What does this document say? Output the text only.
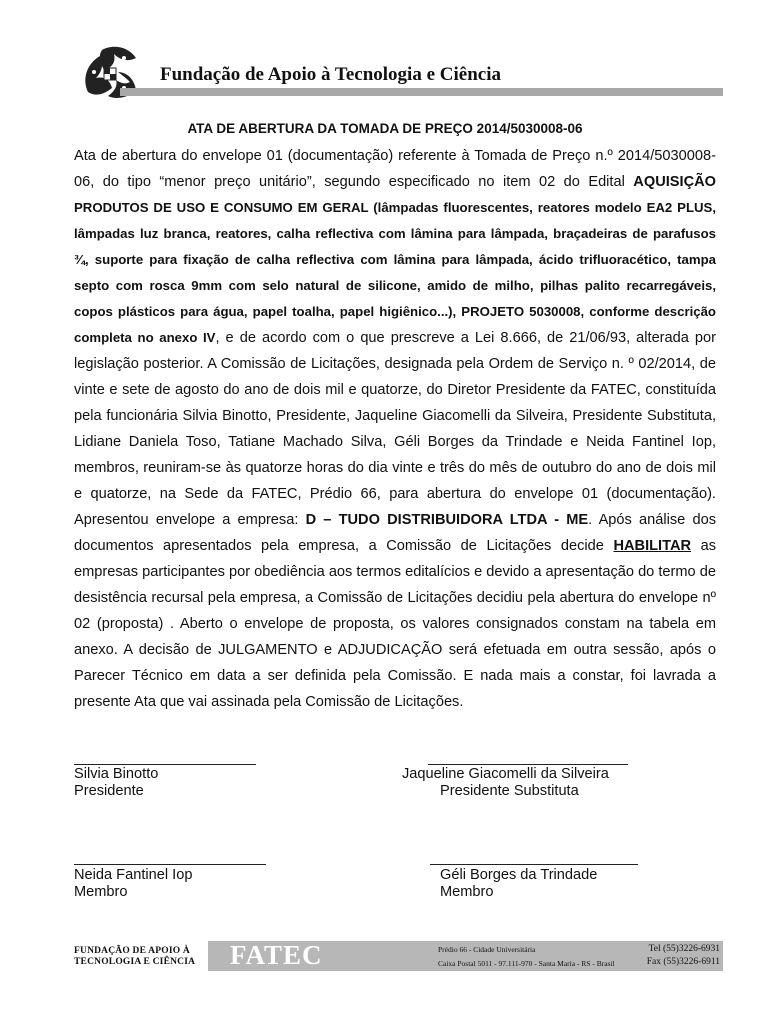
Fundação de Apoio à Tecnologia e Ciência
ATA DE ABERTURA DA TOMADA DE PREÇO 2014/5030008-06
Ata de abertura do envelope 01 (documentação) referente à Tomada de Preço n.º 2014/5030008-06, do tipo “menor preço unitário”, segundo especificado no item 02 do Edital AQUISIÇÃO PRODUTOS DE USO E CONSUMO EM GERAL (lâmpadas fluorescentes, reatores modelo EA2 PLUS, lâmpadas luz branca, reatores, calha reflectiva com lâmina para lâmpada, braçadeiras de parafusos ¾, suporte para fixação de calha reflectiva com lâmina para lâmpada, ácido trifluoracético, tampa septo com rosca 9mm com selo natural de silicone, amido de milho, pilhas palito recarregáveis, copos plásticos para água, papel toalha, papel higiênico...), PROJETO 5030008, conforme descrição completa no anexo IV, e de acordo com o que prescreve a Lei 8.666, de 21/06/93, alterada por legislação posterior. A Comissão de Licitações, designada pela Ordem de Serviço n. º 02/2014, de vinte e sete de agosto do ano de dois mil e quatorze, do Diretor Presidente da FATEC, constituída pela funcionária Silvia Binotto, Presidente, Jaqueline Giacomelli da Silveira, Presidente Substituta, Lidiane Daniela Toso, Tatiane Machado Silva, Géli Borges da Trindade e Neida Fantinel Iop, membros, reuniram-se às quatorze horas do dia vinte e três do mês de outubro do ano de dois mil e quatorze, na Sede da FATEC, Prédio 66, para abertura do envelope 01 (documentação). Apresentou envelope a empresa: D – TUDO DISTRIBUIDORA LTDA - ME. Após análise dos documentos apresentados pela empresa, a Comissão de Licitações decide HABILITAR as empresas participantes por obediência aos termos editalícios e devido a apresentação do termo de desistência recursal pela empresa, a Comissão de Licitações decidiu pela abertura do envelope nº 02 (proposta) . Aberto o envelope de proposta, os valores consignados constam na tabela em anexo. A decisão de JULGAMENTO e ADJUDICAÇÃO será efetuada em outra sessão, após o Parecer Técnico em data a ser definida pela Comissão. E nada mais a constar, foi lavrada a presente Ata que vai assinada pela Comissão de Licitações.
Silvia Binotto
Presidente
Jaqueline Giacomelli da Silveira
Presidente Substituta
Neida Fantinel Iop
Membro
Géli Borges da Trindade
Membro
FUNDAÇÃO DE APOIO À
TECNOLOGIA E CIÊNCIA FATEC	Prédio 66 - Cidade Universitária
Caixa Postal 5011 - 97.111-970 - Santa Maria - RS - Brasil
Tel (55)3226-6931
Fax (55)3226-6911
